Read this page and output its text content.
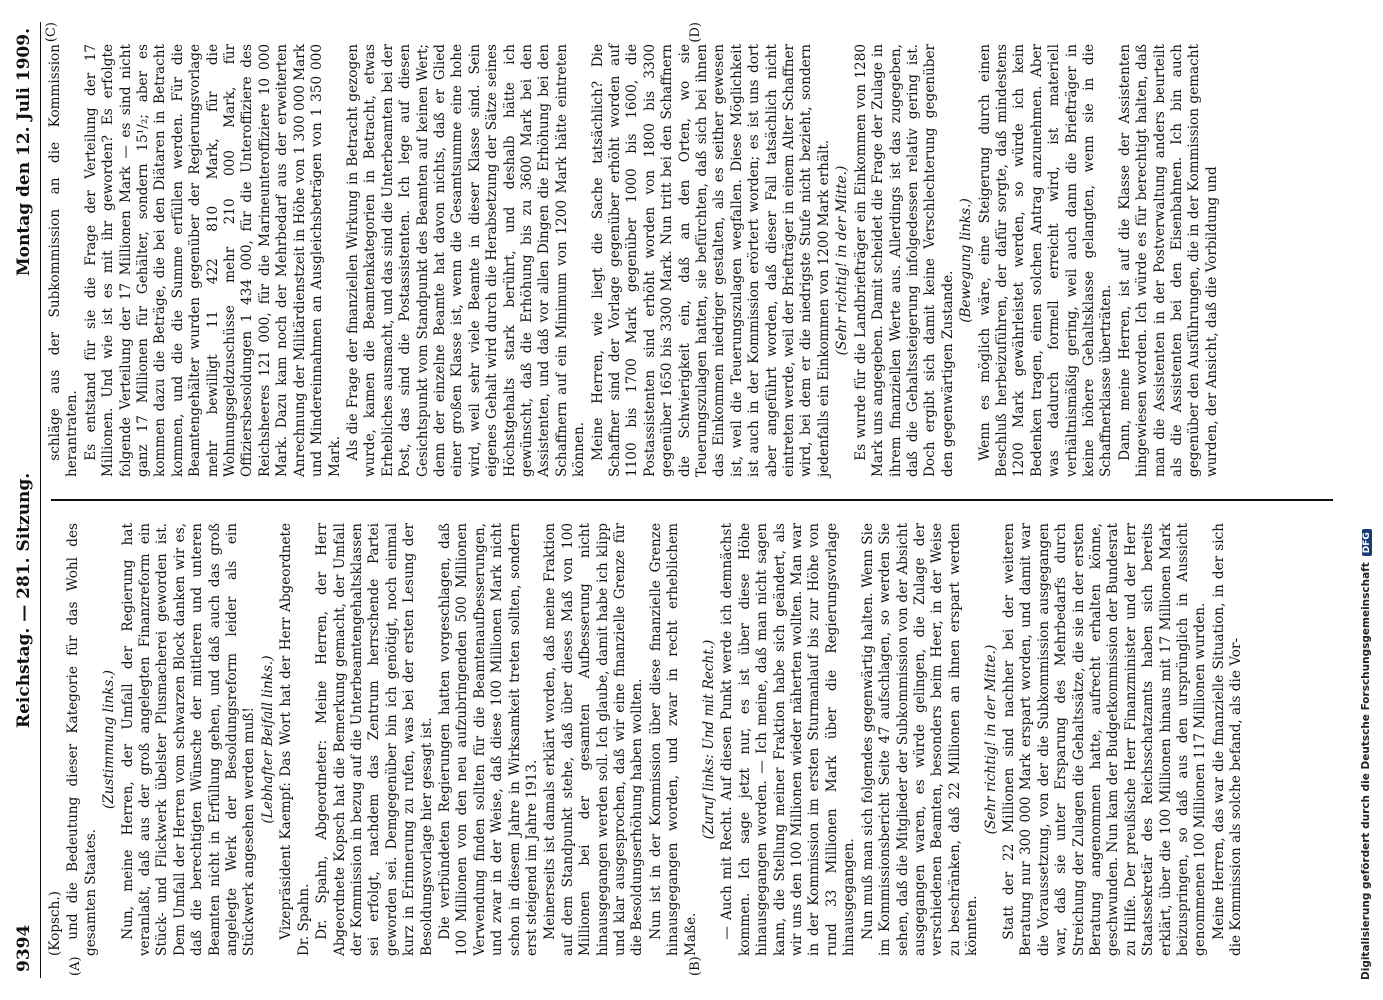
9394
Reichstag. — 281. Sitzung.
Montag den 12. Juli 1909.
(A)	(B)

(Kopsch.) und die Bedeutung dieser Kategorie für das Wohl des gesamten Staates.

(Zustimmung links.) Nun, meine Herren, der Umfall der Regierung hat veranlaßt, daß aus der groß angelegten Finanzreform ein Stück- und Flickwerk übelster Plusmacherei geworden ist. Dem Umfall der Herren vom schwarzen Block danken wir es, daß die berechtigten Wünsche der mittleren und unteren Beamten nicht in Erfüllung gehen, und daß auch das groß angelegte Werk der Besoldungsreform leider als ein Stückwerk angesehen werden muß! (Lebhafter Beifall links.) Vizepräsident Kaempf: Das Wort hat der Herr Abgeordnete Dr. Spahn. Dr. Spahn, Abgeordneter: Meine Herren, der Herr Abgeordnete Kopsch hat die Bemerkung gemacht, der Umfall der Kommission in bezug auf die Unterbeamtengehaltsklassen sei erfolgt, nachdem das Zentrum herrschende Partei geworden sei. Demgegenüber bin ich genötigt, noch einmal kurz in Erinnerung zu rufen, was bei der ersten Lesung der Besoldungsvorlage hier gesagt ist. Die verbündeten Regierungen hatten vorgeschlagen, daß 100 Millionen von den neu aufzubringenden 500 Millionen Verwendung finden sollten für die Beamtenaufbesserungen, und zwar in der Weise, daß diese 100 Millionen Mark nicht schon in diesem Jahre in Wirksamkeit treten sollten, sondern erst steigend im Jahre 1913. Meinerseits ist damals erklärt worden, daß meine Fraktion auf dem Standpunkt stehe, daß über dieses Maß von 100 Millionen bei der gesamten Aufbesserung nicht hinausgegangen werden soll. Ich glaube, damit habe ich klipp und klar ausgesprochen, daß wir eine finanzielle Grenze für die Besoldungserhöhung haben wollten. Nun ist in der Kommission über diese finanzielle Grenze hinausgegangen worden, und zwar in recht erheblichem Maße.

(Zuruf links: Und mit Recht.) — Auch mit Recht. Auf diesen Punkt werde ich demnächst kommen. Ich sage jetzt nur, es ist über diese Höhe hinausgegangen worden. — Ich meine, daß man nicht sagen kann, die Stellung meiner Fraktion habe sich geändert, als wir uns den 100 Millionen wieder näherten wollten. Man war in der Kommission im ersten Sturmanlauf bis zur Höhe von rund 33 Millionen Mark über die Regierungsvorlage hinausgegangen. Nun muß man sich folgendes gegenwärtig halten. Wenn Sie im Kommissionsbericht Seite 47 aufschlagen, so werden Sie sehen, daß die Mitglieder der Subkommission von der Absicht ausgegangen waren, es würde gelingen, die Zulage der verschiedenen Beamten, besonders beim Heer, in der Weise zu beschränken, daß 22 Millionen an ihnen erspart werden könnten.

(Sehr richtig! in der Mitte.) Statt der 22 Millionen sind nachher bei der weiteren Beratung nur 300 000 Mark erspart worden, und damit war die Voraussetzung, von der die Subkommission ausgegangen war, daß sie unter Ersparung des Mehrbedarfs durch Streichung der Zulagen die Gehaltssätze, die sie in der ersten Beratung angenommen hatte, aufrecht erhalten könne, geschwunden. Nun kam der Budgetkommission der Bundesrat zu Hilfe. Der preußische Herr Finanzminister und der Herr Staatssekretär des Reichsschatzamts haben sich bereits erklärt, über die 100 Millionen hinaus mit 17 Millionen Mark beizuspringen, so daß aus den ursprünglich in Aussicht genommenen 100 Millionen 117 Millionen wurden. Meine Herren, das war die finanzielle Situation, in der sich die Kommission als solche befand, als die Vor-

(C)	(D)

schläge aus der Subkommission an die Kommission herantraten. Es entstand für sie die Frage der Verteilung der 17 Millionen. Und wie ist es mit ihr geworden? Es erfolgte folgende Verteilung der 17 Millionen Mark — es sind nicht ganz 17 Millionen für Gehälter, sondern 15¹/₂; aber es kommen dazu die Beträge, die bei den Diätaren in Betracht kommen, und die die Summe erfüllen werden. Für die Beamtengehälter wurden gegenüber der Regierungsvorlage mehr bewilligt 11 422 810 Mark, für die Wohnungsgeldzuschüsse mehr 210 000 Mark, für Offiziersbesoldungen 1 434 000, für die Unteroffiziere des Reichsheeres 121 000, für die Marineunteroffiziere 10 000 Mark. Dazu kam noch der Mehrbedarf aus der erweiterten Anrechnung der Militärdienstzeit in Höhe von 1 300 000 Mark und Mindereinnahmen an Ausgleichsbeträgen von 1 350 000 Mark. Als die Frage der finanziellen Wirkung in Betracht gezogen wurde, kamen die Beamtenkategorien in Betracht, etwas Erhebliches ausmacht, und das sind die Unterbeamten bei der Post, das sind die Postassistenten. Ich lege auf diesen Gesichtspunkt vom Standpunkt des Beamten auf keinen Wert; denn der einzelne Beamte hat davon nichts, daß er Glied einer großen Klasse ist, wenn die Gesamtsumme eine hohe wird, weil sehr viele Beamte in dieser Klasse sind. Sein eigenes Gehalt wird durch die Herabsetzung der Sätze seines Höchstgehalts stark berührt, und deshalb hätte ich gewünscht, daß die Erhöhung bis zu 3600 Mark bei den Assistenten, und daß vor allen Dingen die Erhöhung bei den Schaffnern auf ein Minimum von 1200 Mark hätte eintreten können. Meine Herren, wie liegt die Sache tatsächlich? Die Schaffner sind der Vorlage gegenüber erhöht worden auf 1100 bis 1700 Mark gegenüber 1000 bis 1600, die Postassistenten sind erhöht worden von 1800 bis 3300 gegenüber 1650 bis 3300 Mark. Nun tritt bei den Schaffnern die Schwierigkeit ein, daß an den Orten, wo sie Teuerungszulagen hatten, sie befürchten, daß sich bei ihnen das Einkommen niedriger gestalten, als es seither gewesen ist, weil die Teuerungszulagen wegfallen. Diese Möglichkeit ist auch in der Kommission erörtert worden; es ist uns dort aber angeführt worden, daß dieser Fall tatsächlich nicht eintreten werde, weil der Briefträger in einem Alter Schaffner wird, bei dem er die niedrigste Stufe nicht bezieht, sondern jedenfalls ein Einkommen von 1200 Mark erhält. (Sehr richtig! in der Mitte.) Es wurde für die Landbriefträger ein Einkommen von 1280 Mark uns angegeben. Damit scheidet die Frage der Zulage in ihrem finanziellen Werte aus. Allerdings ist das zugegeben, daß die Gehaltssteigerung infolgedessen relativ gering ist. Doch ergibt sich damit keine Verschlechterung gegenüber den gegenwärtigen Zustande.

(Bewegung links.) Wenn es möglich wäre, eine Steigerung durch einen Beschluß herbeizuführen, der dafür sorgte, daß mindestens 1200 Mark gewährleistet werden, so würde ich kein Bedenken tragen, einen solchen Antrag anzunehmen. Aber was dadurch formell erreicht wird, ist materiell verhältnismäßig gering, weil auch dann die Briefträger in keine höhere Gehaltsklasse gelangten, wenn sie in die Schaffnerklasse überträten. Dann, meine Herren, ist auf die Klasse der Assistenten hingewiesen worden. Ich würde es für berechtigt halten, daß man die Assistenten in der Postverwaltung anders beurteilt als die Assistenten bei den Eisenbahnen. Ich bin auch gegenüber den Ausführungen, die in der Kommission gemacht wurden, der Ansicht, daß die Vorbildung und

Digitalisierung gefördert durch die Deutsche ForschungsgemeinschaftDFG
